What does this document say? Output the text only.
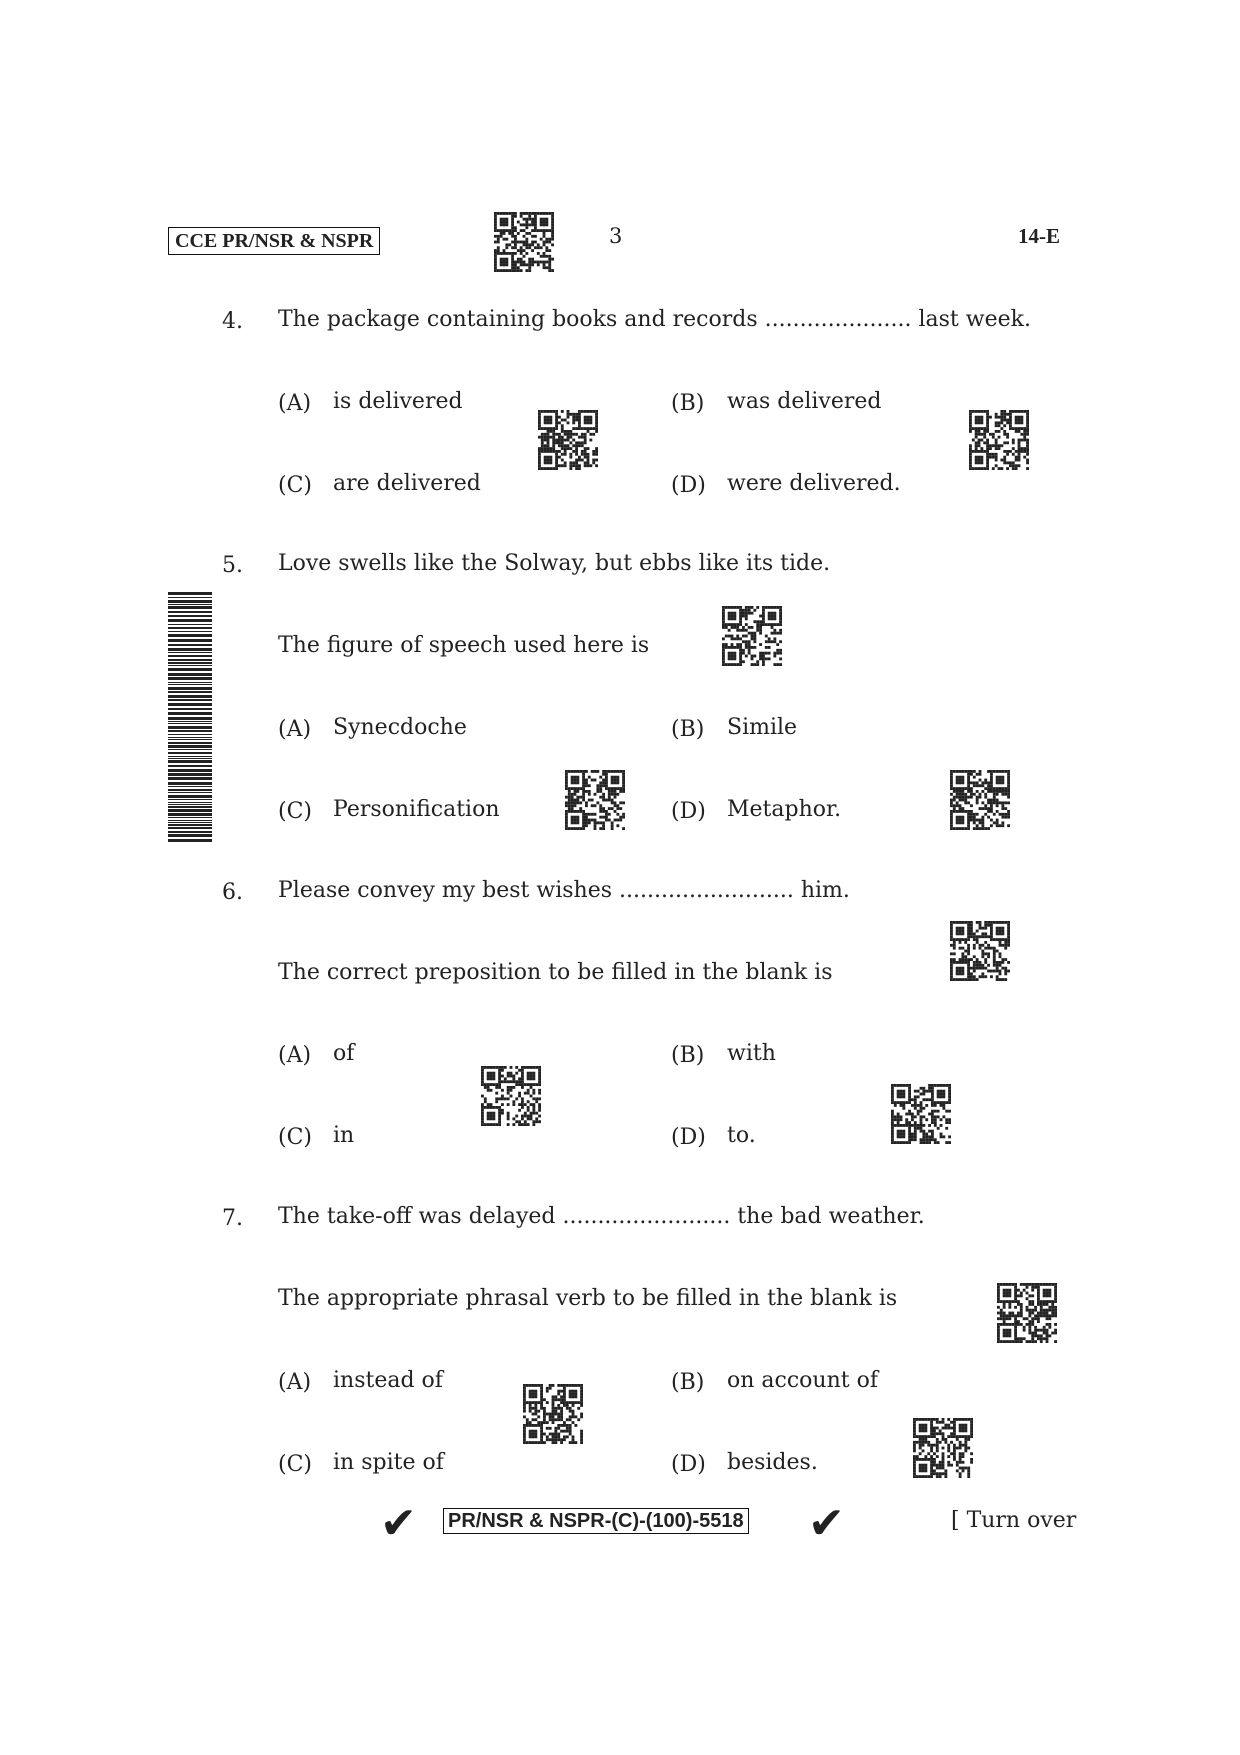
CCE PR/NSR & NSPR	3	14-E
4. The package containing books and records ..................... last week.
(A) is delivered	(B) was delivered
(C) are delivered	(D) were delivered.
5. Love swells like the Solway, but ebbs like its tide.
The figure of speech used here is
(A) Synecdoche	(B) Simile
(C) Personification	(D) Metaphor.
6. Please convey my best wishes ......................... him.
The correct preposition to be filled in the blank is
(A) of	(B) with
(C) in	(D) to.
7. The take-off was delayed ........................ the bad weather.
The appropriate phrasal verb to be filled in the blank is
(A) instead of	(B) on account of
(C) in spite of	(D) besides.
✔ PR/NSR & NSPR-(C)-(100)-5518 ✔	[ Turn over
